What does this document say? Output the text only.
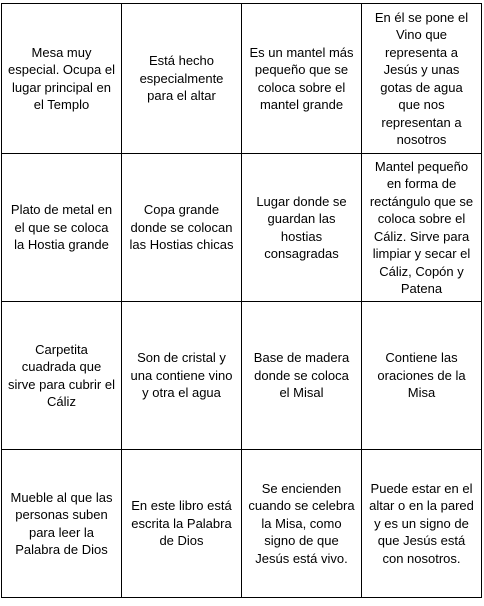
Mesa muy especial. Ocupa el lugar principal en el Templo	Está hecho especialmente para el altar	Es un mantel más pequeño que se coloca sobre el mantel grande	En él se pone el Vino que representa a Jesús y unas gotas de agua que nos representan a nosotros
Plato de metal en el que se coloca la Hostia grande	Copa grande donde se colocan las Hostias chicas	Lugar donde se guardan las hostias consagradas	Mantel pequeño en forma de rectángulo que se coloca sobre el Cáliz. Sirve para limpiar y secar el Cáliz, Copón y Patena
Carpetita cuadrada que sirve para cubrir el Cáliz	Son de cristal y una contiene vino y otra el agua	Base de madera donde se coloca el Misal	Contiene las oraciones de la Misa
Mueble al que las personas suben para leer la Palabra de Dios	En este libro está escrita la Palabra de Dios	Se encienden cuando se celebra la Misa, como signo de que Jesús está vivo.	Puede estar en el altar o en la pared y es un signo de que Jesús está con nosotros.
